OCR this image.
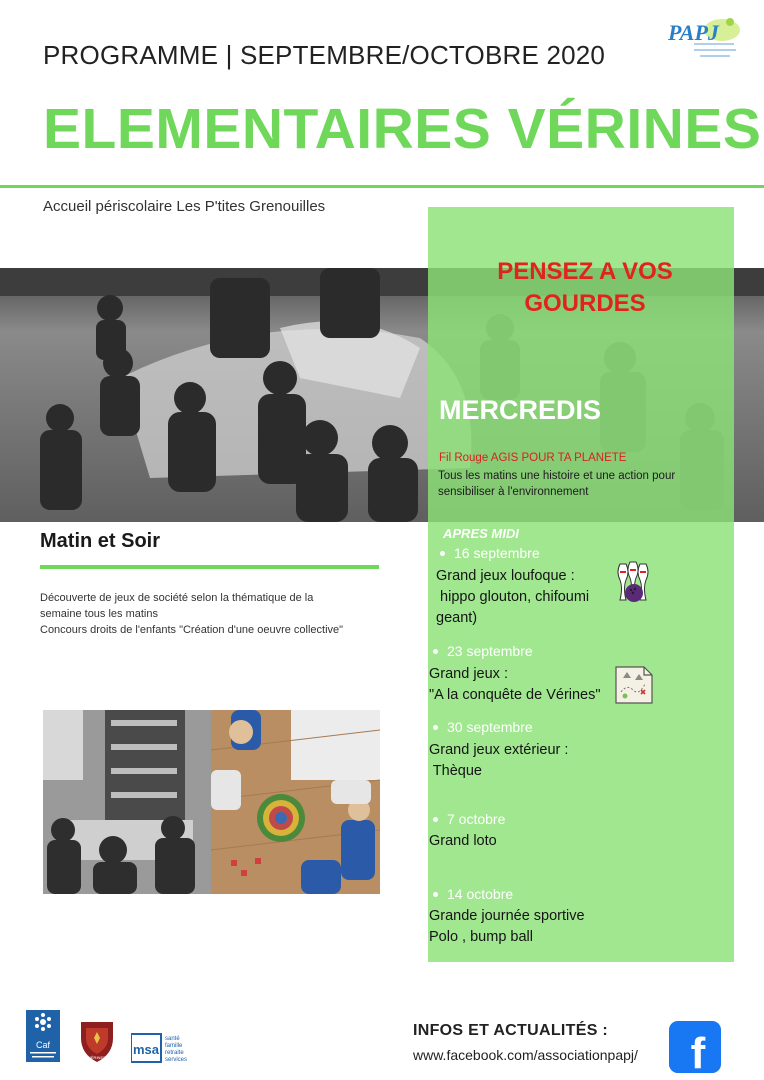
PROGRAMME | SEPTEMBRE/OCTOBRE 2020
ELEMENTAIRES VÉRINES
Accueil périscolaire Les P'tites Grenouilles
PAPJ
PENSEZ A VOS GOURDES
MERCREDIS
Fil Rouge AGIS POUR TA PLANETE
Tous les matins une histoire et une action pour sensibiliser à l'environnement
APRES MIDI
16 septembre
Grand jeux loufoque :
hippo glouton, chifoumi
geant)
23 septembre
Grand jeux :
"A la conquête de Vérines"
30 septembre
Grand jeux extérieur :
Thèque
7 octobre
Grand loto
14 octobre
Grande journée sportive
Polo , bump ball
Matin et Soir
Découverte de jeux de société selon la thématique de la
semaine tous les matins
Concours droits de l'enfants "Création d'une oeuvre collective"
Caf
VÉRINES
msa
santé
famille
retraite
services
INFOS ET ACTUALITÉS :
www.facebook.com/associationpapj/ f
